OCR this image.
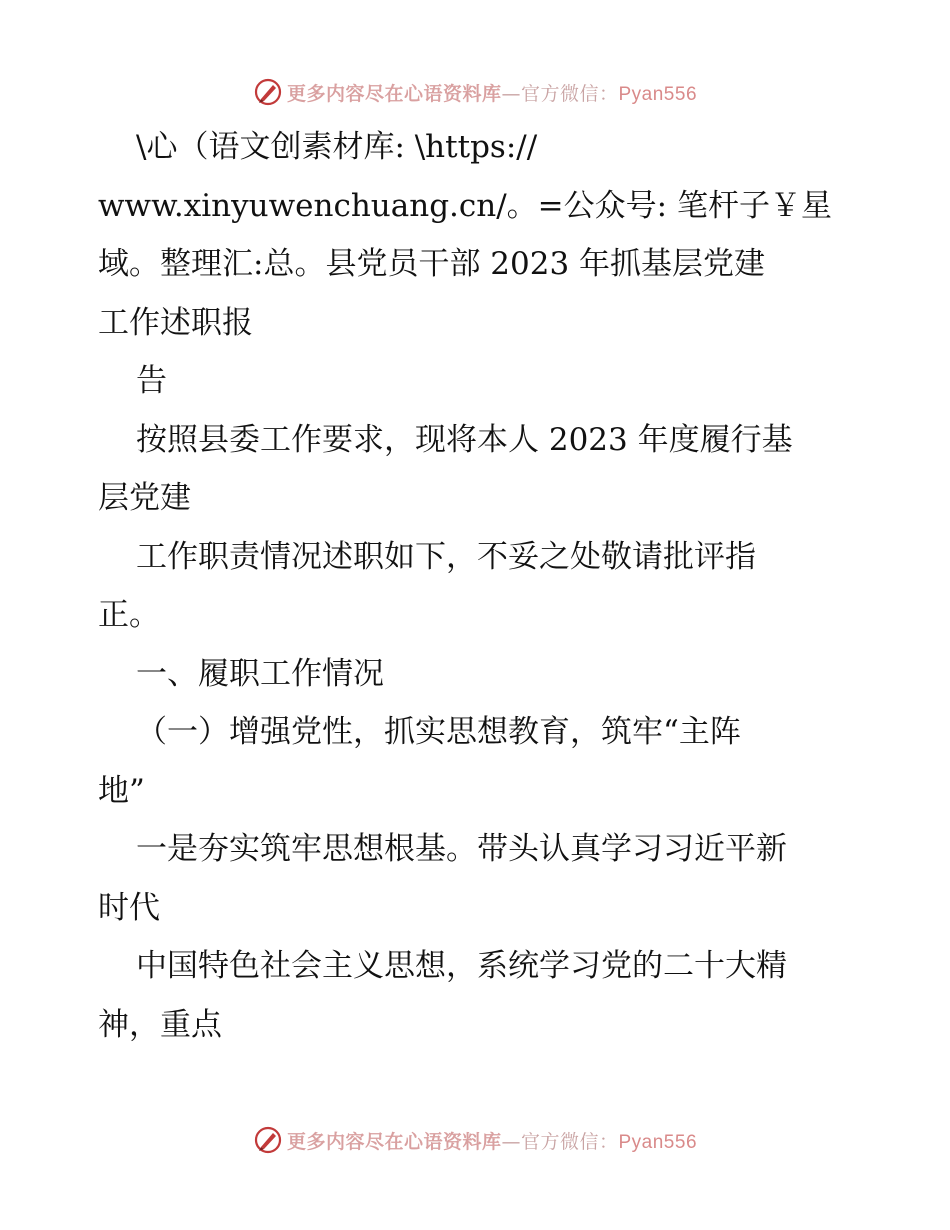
更多内容尽在心语资料库—官方微信：Pyan556
\心（语文创素材库: \https://
www.xinyuwenchuang.cn/。=公众号: 笔杆子￥星
域。整理汇:总。县党员干部 2023 年抓基层党建
工作述职报
告
按照县委工作要求，现将本人 2023 年度履行基
层党建
工作职责情况述职如下，不妥之处敬请批评指
正。
一、履职工作情况
（一）增强党性，抓实思想教育，筑牢“主阵
地”
一是夯实筑牢思想根基。带头认真学习习近平新
时代
中国特色社会主义思想，系统学习党的二十大精
神，重点
更多内容尽在心语资料库—官方微信：Pyan556
